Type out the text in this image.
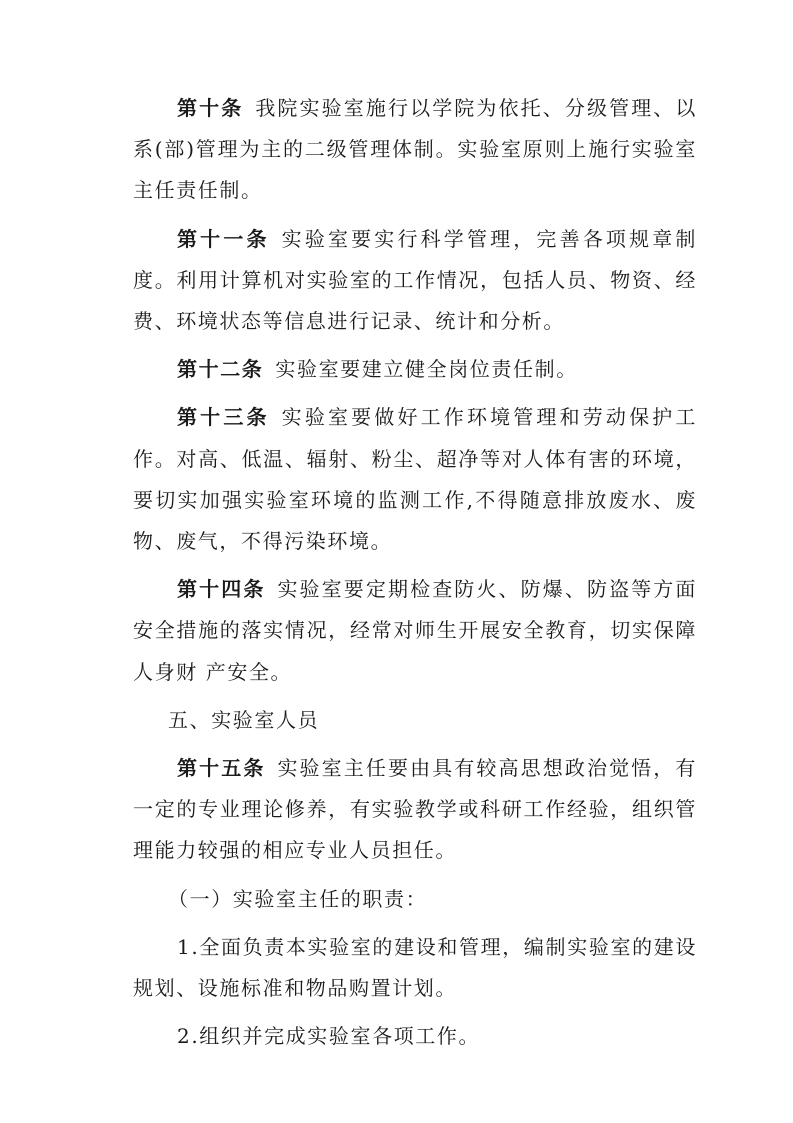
第十条 我院实验室施行以学院为依托、分级管理、以系(部)管理为主的二级管理体制。实验室原则上施行实验室主任责任制。

第十一条 实验室要实行科学管理，完善各项规章制度。利用计算机对实验室的工作情况，包括人员、物资、经费、环境状态等信息进行记录、统计和分析。

第十二条 实验室要建立健全岗位责任制。

第十三条 实验室要做好工作环境管理和劳动保护工作。对高、低温、辐射、粉尘、超净等对人体有害的环境，要切实加强实验室环境的监测工作,不得随意排放废水、废物、废气，不得污染环境。

第十四条 实验室要定期检查防火、防爆、防盗等方面安全措施的落实情况，经常对师生开展安全教育，切实保障人身财 产安全。

五、实验室人员

第十五条 实验室主任要由具有较高思想政治觉悟，有一定的专业理论修养，有实验教学或科研工作经验，组织管理能力较强的相应专业人员担任。

（一）实验室主任的职责：

1.全面负责本实验室的建设和管理，编制实验室的建设规划、设施标准和物品购置计划。

2.组织并完成实验室各项工作。
